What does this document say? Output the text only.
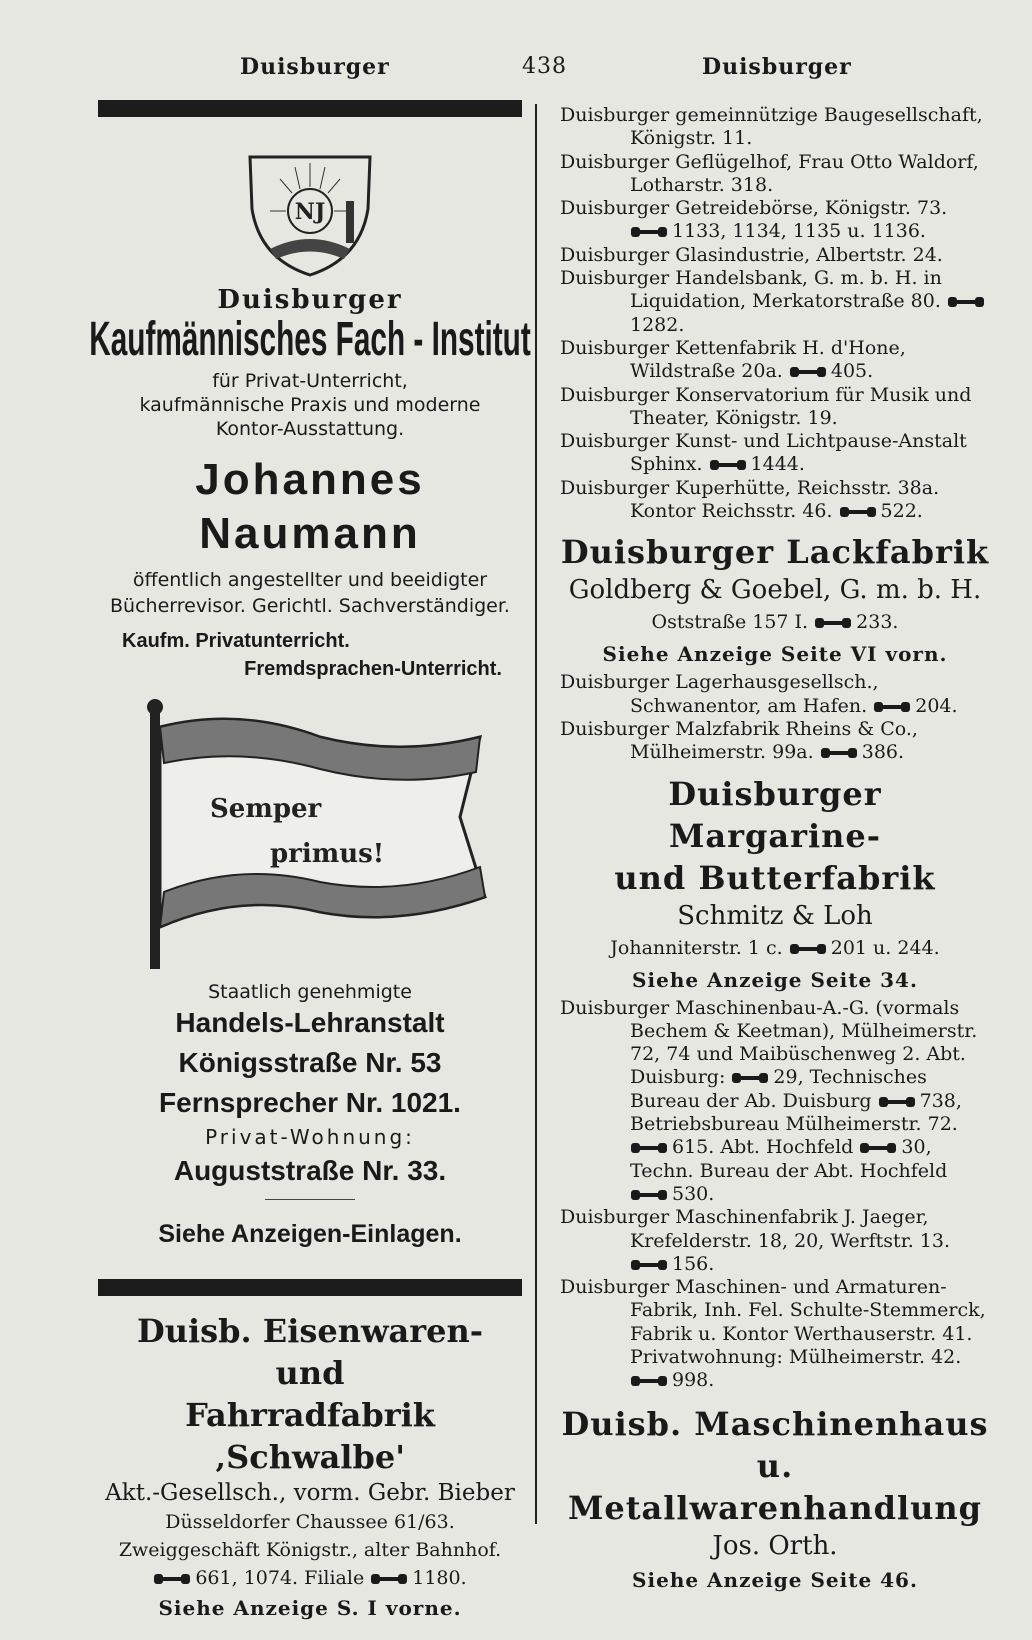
Duisburger	438	Duisburger
NJ
Duisburger
Kaufmännisches Fach - Institut
für Privat-Unterricht,
kaufmännische Praxis und moderne
Kontor-Ausstattung.
Johannes Naumann
öffentlich angestellter und beeidigter
Bücherrevisor. Gerichtl. Sachverständiger.
Kaufm. Privatunterricht.
Fremdsprachen-Unterricht.
Semper
primus!
Staatlich genehmigte
Handels-Lehranstalt
Königsstraße Nr. 53
Fernsprecher Nr. 1021.
Privat-Wohnung:
Auguststraße Nr. 33.
Siehe Anzeigen-Einlagen.
Duisb. Eisenwaren- und
Fahrradfabrik ‚Schwalbe'
Akt.-Gesellsch., vorm. Gebr. Bieber
Düsseldorfer Chaussee 61/63.
Zweiggeschäft Königstr., alter Bahnhof.
661, 1074. Filiale	1180.
Siehe Anzeige S. I vorne.
Duisburger gemeinnützige Baugesellschaft, Königstr. 11.
Duisburger Geflügelhof, Frau Otto Waldorf, Lotharstr. 318.
Duisburger Getreidebörse, Königstr. 73. 1133, 1134, 1135 u. 1136.
Duisburger Glasindustrie, Albertstr. 24.
Duisburger Handelsbank, G. m. b. H. in Liquidation, Merkatorstraße 80. 1282.
Duisburger Kettenfabrik H. d'Hone, Wildstraße 20a.	405.
Duisburger Konservatorium für Musik und Theater, Königstr. 19.
Duisburger Kunst- und Lichtpause-Anstalt Sphinx.	1444.
Duisburger Kuperhütte, Reichsstr. 38a. Kontor Reichsstr. 46.	522.
Duisburger Lackfabrik
Goldberg & Goebel, G. m. b. H.
Oststraße 157 I.	233.
Siehe Anzeige Seite VI vorn.
Duisburger Lagerhausgesellsch., Schwanentor, am Hafen.	204.
Duisburger Malzfabrik Rheins & Co., Mülheimerstr. 99a.	386.
Duisburger Margarine-
und Butterfabrik
Schmitz & Loh
Johanniterstr. 1 c.	201 u. 244.
Siehe Anzeige Seite 34.
Duisburger Maschinenbau-A.-G. (vormals Bechem & Keetman), Mülheimerstr. 72, 74 und Maibüschenweg 2. Abt. Duisburg:	29, Technisches Bureau der Ab. Duisburg	738, Betriebsbureau Mülheimerstr. 72. 615. Abt. Hochfeld	30, Techn. Bureau der Abt. Hochfeld 530.
Duisburger Maschinenfabrik J. Jaeger, Krefelderstr. 18, 20, Werftstr. 13. 156.
Duisburger Maschinen- und Armaturen-Fabrik, Inh. Fel. Schulte-Stemmerck, Fabrik u. Kontor Werthauserstr. 41. Privatwohnung: Mülheimerstr. 42. 998.
Duisb. Maschinenhaus
u. Metallwarenhandlung
Jos. Orth.
Siehe Anzeige Seite 46.
